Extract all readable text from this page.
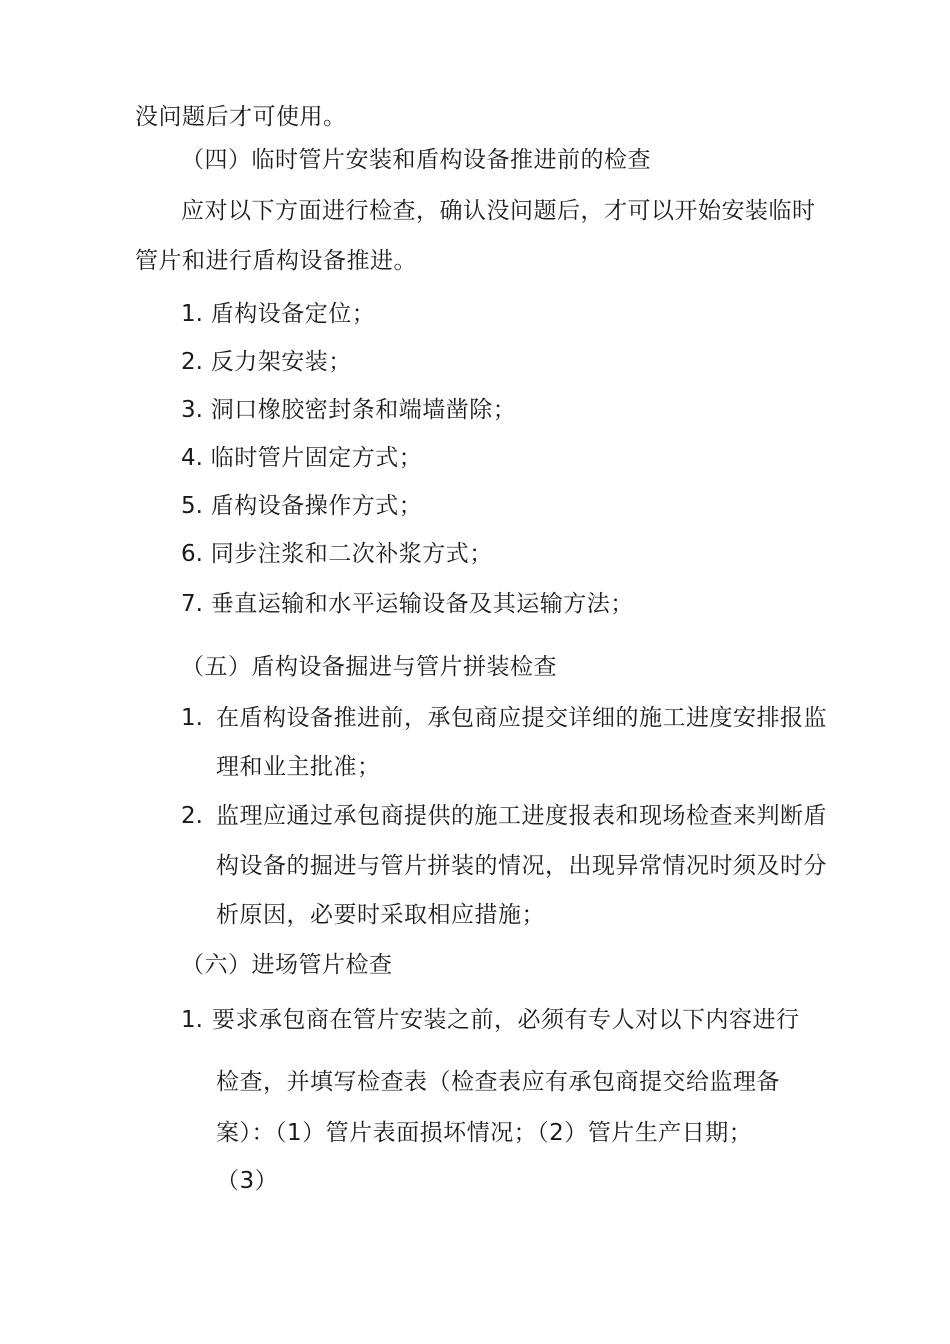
没问题后才可使用。
（四）临时管片安装和盾构设备推进前的检查
应对以下方面进行检查，确认没问题后，才可以开始安装临时
管片和进行盾构设备推进。
1. 盾构设备定位；
2. 反力架安装；
3. 洞口橡胶密封条和端墙凿除；
4. 临时管片固定方式；
5. 盾构设备操作方式；
6. 同步注浆和二次补浆方式；
7. 垂直运输和水平运输设备及其运输方法；
（五）盾构设备掘进与管片拼装检查
1. 在盾构设备推进前，承包商应提交详细的施工进度安排报监
理和业主批准；
2. 监理应通过承包商提供的施工进度报表和现场检查来判断盾
构设备的掘进与管片拼装的情况，出现异常情况时须及时分
析原因，必要时采取相应措施；
（六）进场管片检查
1. 要求承包商在管片安装之前，必须有专人对以下内容进行
检查，并填写检查表（检查表应有承包商提交给监理备
案）：（1）管片表面损坏情况；（2）管片生产日期；
（3）
